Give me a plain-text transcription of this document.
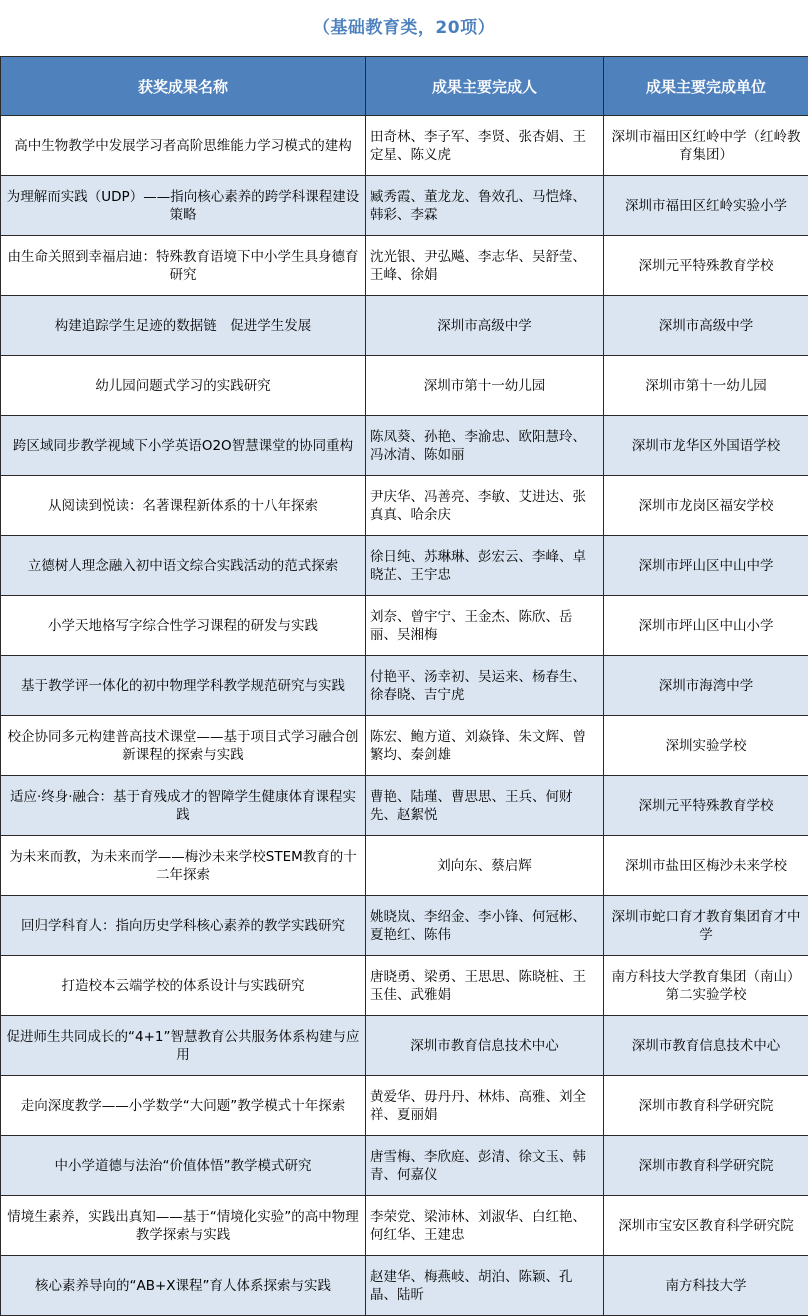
（基础教育类，20项）
获奖成果名称	成果主要完成人	成果主要完成单位
高中生物教学中发展学习者高阶思维能力学习模式的建构	田奇林、李子军、李贤、张杏娟、王定星、陈义虎	深圳市福田区红岭中学（红岭教育集团）
为理解而实践（UDP）——指向核心素养的跨学科课程建设策略	臧秀霞、董龙龙、鲁效孔、马恺烽、韩彩、李霖	深圳市福田区红岭实验小学
由生命关照到幸福启迪：特殊教育语境下中小学生具身德育研究	沈光银、尹弘飚、李志华、吴舒莹、王峰、徐娟	深圳元平特殊教育学校
构建追踪学生足迹的数据链　促进学生发展	深圳市高级中学	深圳市高级中学
幼儿园问题式学习的实践研究	深圳市第十一幼儿园	深圳市第十一幼儿园
跨区域同步教学视域下小学英语O2O智慧课堂的协同重构	陈凤葵、孙艳、李渝忠、欧阳慧玲、冯冰清、陈如丽	深圳市龙华区外国语学校
从阅读到悦读：名著课程新体系的十八年探索	尹庆华、冯善亮、李敏、艾进达、张真真、哈余庆	深圳市龙岗区福安学校
立德树人理念融入初中语文综合实践活动的范式探索	徐日纯、苏琳琳、彭宏云、李峰、卓晓芷、王宇忠	深圳市坪山区中山中学
小学天地格写字综合性学习课程的研发与实践	刘奈、曾宇宁、王金杰、陈欣、岳丽、吴湘梅	深圳市坪山区中山小学
基于教学评一体化的初中物理学科教学规范研究与实践	付艳平、汤幸初、吴运来、杨春生、徐春晓、吉宁虎	深圳市海湾中学
校企协同多元构建普高技术课堂——基于项目式学习融合创新课程的探索与实践	陈宏、鲍方道、刘焱锋、朱文辉、曾繁均、秦剑雄	深圳实验学校
适应·终身·融合：基于育残成才的智障学生健康体育课程实践	曹艳、陆瑾、曹思思、王兵、何财先、赵絮悦	深圳元平特殊教育学校
为未来而教，为未来而学——梅沙未来学校STEM教育的十二年探索	刘向东、蔡启辉	深圳市盐田区梅沙未来学校
回归学科育人：指向历史学科核心素养的教学实践研究	姚晓岚、李绍金、李小锋、何冠彬、夏艳红、陈伟	深圳市蛇口育才教育集团育才中学
打造校本云端学校的体系设计与实践研究	唐晓勇、梁勇、王思思、陈晓桩、王玉佳、武雅娟	南方科技大学教育集团（南山）第二实验学校
促进师生共同成长的“4+1”智慧教育公共服务体系构建与应用	深圳市教育信息技术中心	深圳市教育信息技术中心
走向深度教学——小学数学“大问题”教学模式十年探索	黄爱华、毋丹丹、林炜、高雅、刘全祥、夏丽娟	深圳市教育科学研究院
中小学道德与法治“价值体悟”教学模式研究	唐雪梅、李欣庭、彭清、徐文玉、韩青、何嘉仪	深圳市教育科学研究院
情境生素养，实践出真知——基于“情境化实验”的高中物理教学探索与实践	李荣党、梁沛林、刘淑华、白红艳、何红华、王建忠	深圳市宝安区教育科学研究院
核心素养导向的“AB+X课程”育人体系探索与实践	赵建华、梅燕岐、胡泊、陈颖、孔晶、陆昕	南方科技大学
